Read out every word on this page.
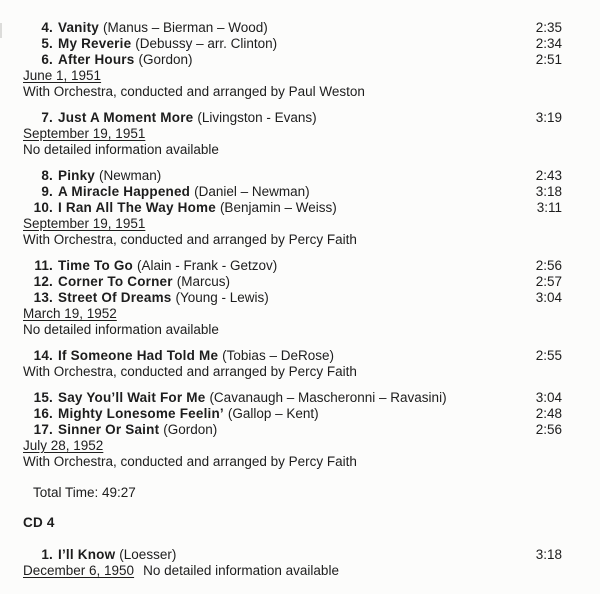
4. Vanity (Manus – Bierman – Wood)	2:35
5. My Reverie (Debussy – arr. Clinton)	2:34
6. After Hours (Gordon)	2:51
June 1, 1951
With Orchestra, conducted and arranged by Paul Weston
7. Just A Moment More (Livingston - Evans)	3:19
September 19, 1951
No detailed information available
8. Pinky (Newman)	2:43
9. A Miracle Happened (Daniel – Newman)	3:18
10. I Ran All The Way Home (Benjamin – Weiss)	3:11
September 19, 1951
With Orchestra, conducted and arranged by Percy Faith
11. Time To Go (Alain - Frank - Getzov)	2:56
12. Corner To Corner (Marcus)	2:57
13. Street Of Dreams (Young - Lewis)	3:04
March 19, 1952
No detailed information available
14. If Someone Had Told Me (Tobias – DeRose)	2:55
With Orchestra, conducted and arranged by Percy Faith
15. Say You’ll Wait For Me (Cavanaugh – Mascheronni – Ravasini)	3:04
16. Mighty Lonesome Feelin’ (Gallop – Kent)	2:48
17. Sinner Or Saint (Gordon)	2:56
July 28, 1952
With Orchestra, conducted and arranged by Percy Faith
Total Time: 49:27
CD 4
1. I’ll Know (Loesser)	3:18
December 6, 1950 No detailed information available
